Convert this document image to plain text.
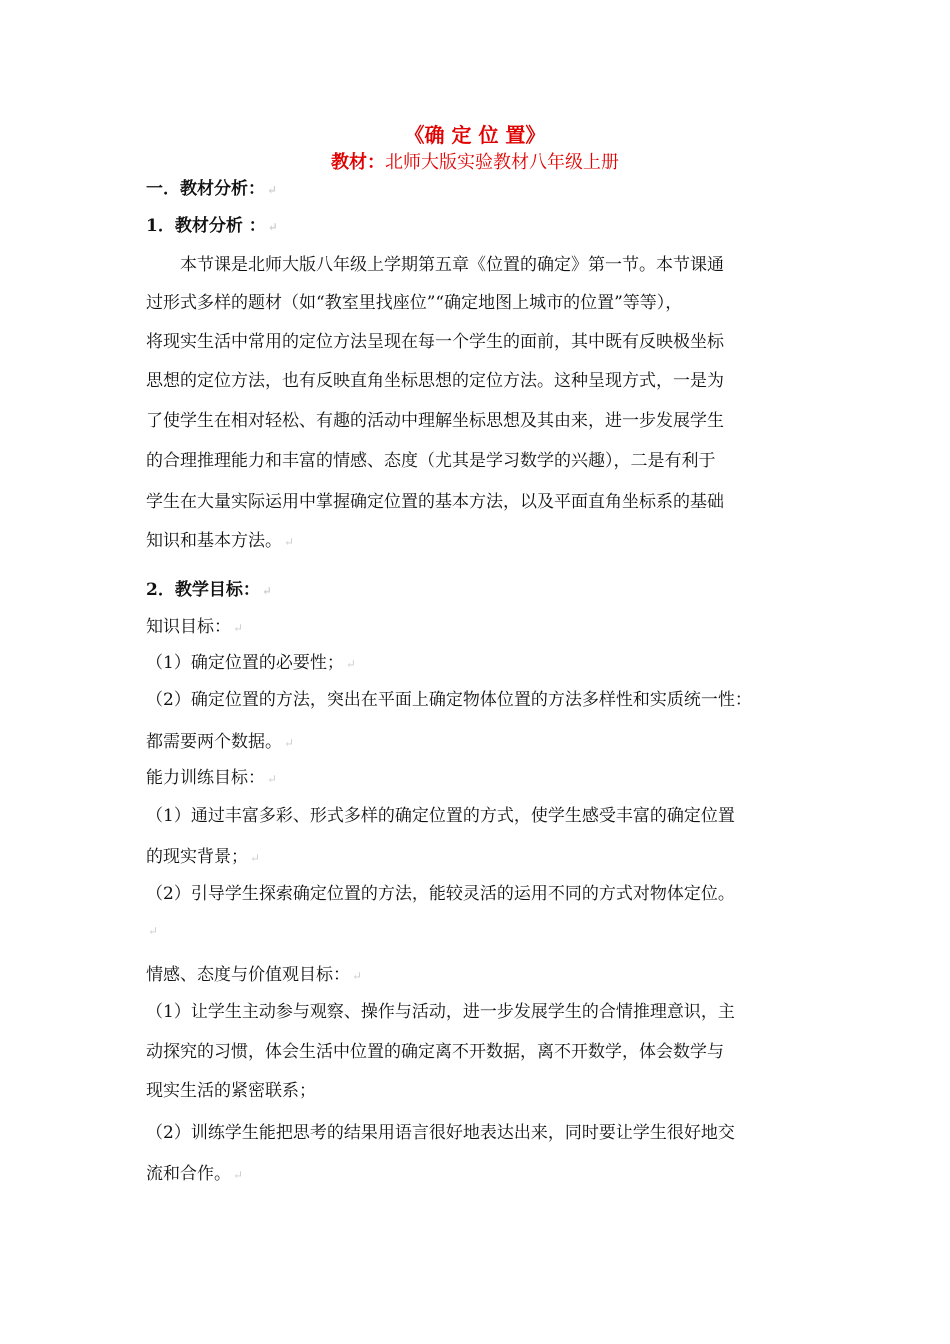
《确 定 位 置》
教材：北师大版实验教材八年级上册
一．教材分析： ↵
1．教材分析 ： ↵
本节课是北师大版八年级上学期第五章《位置的确定》第一节。本节课通
过形式多样的题材（如“教室里找座位”“确定地图上城市的位置”等等），
将现实生活中常用的定位方法呈现在每一个学生的面前，其中既有反映极坐标
思想的定位方法，也有反映直角坐标思想的定位方法。这种呈现方式，一是为
了使学生在相对轻松、有趣的活动中理解坐标思想及其由来，进一步发展学生
的合理推理能力和丰富的情感、态度（尤其是学习数学的兴趣），二是有利于
学生在大量实际运用中掌握确定位置的基本方法，以及平面直角坐标系的基础
知识和基本方法。 ↵
2．教学目标： ↵
知识目标： ↵
（1）确定位置的必要性； ↵
（2）确定位置的方法，突出在平面上确定物体位置的方法多样性和实质统一性：
都需要两个数据。 ↵
能力训练目标： ↵
（1）通过丰富多彩、形式多样的确定位置的方式，使学生感受丰富的确定位置
的现实背景； ↵
（2）引导学生探索确定位置的方法，能较灵活的运用不同的方式对物体定位。
↵
情感、态度与价值观目标： ↵
（1）让学生主动参与观察、操作与活动，进一步发展学生的合情推理意识，主
动探究的习惯，体会生活中位置的确定离不开数据，离不开数学，体会数学与
现实生活的紧密联系；
（2）训练学生能把思考的结果用语言很好地表达出来，同时要让学生很好地交
流和合作。 ↵
